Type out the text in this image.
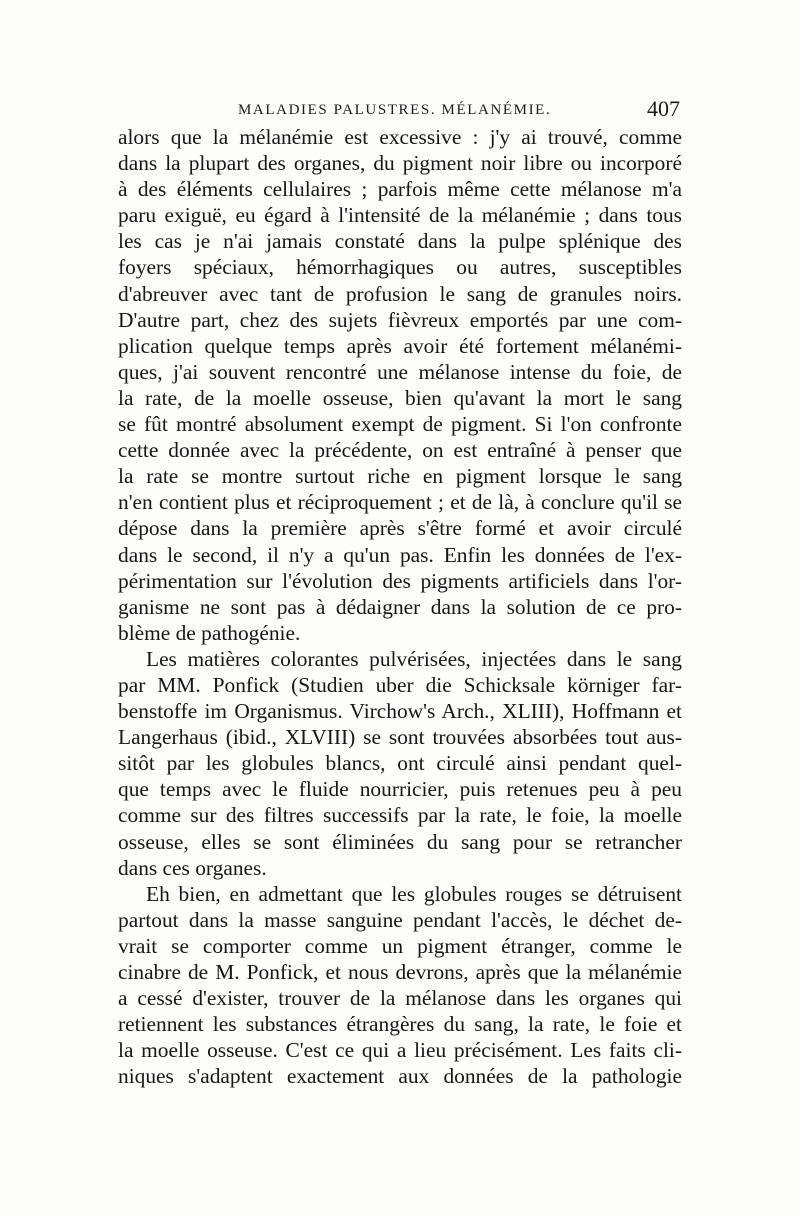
MALADIES PALUSTRES. MÉLANÉMIE.	407
alors que la mélanémie est excessive : j'y ai trouvé, comme
dans la plupart des organes, du pigment noir libre ou incorporé
à des éléments cellulaires ; parfois même cette mélanose m'a
paru exiguë, eu égard à l'intensité de la mélanémie ; dans tous
les cas je n'ai jamais constaté dans la pulpe splénique des
foyers spéciaux, hémorrhagiques ou autres, susceptibles
d'abreuver avec tant de profusion le sang de granules noirs.
D'autre part, chez des sujets fièvreux emportés par une com-
plication quelque temps après avoir été fortement mélanémi-
ques, j'ai souvent rencontré une mélanose intense du foie, de
la rate, de la moelle osseuse, bien qu'avant la mort le sang
se fût montré absolument exempt de pigment. Si l'on confronte
cette donnée avec la précédente, on est entraîné à penser que
la rate se montre surtout riche en pigment lorsque le sang
n'en contient plus et réciproquement ; et de là, à conclure qu'il se
dépose dans la première après s'être formé et avoir circulé
dans le second, il n'y a qu'un pas. Enfin les données de l'ex-
périmentation sur l'évolution des pigments artificiels dans l'or-
ganisme ne sont pas à dédaigner dans la solution de ce pro-
blème de pathogénie.
Les matières colorantes pulvérisées, injectées dans le sang
par MM. Ponfick (Studien uber die Schicksale körniger far-
benstoffe im Organismus. Virchow's Arch., XLIII), Hoffmann et
Langerhaus (ibid., XLVIII) se sont trouvées absorbées tout aus-
sitôt par les globules blancs, ont circulé ainsi pendant quel-
que temps avec le fluide nourricier, puis retenues peu à peu
comme sur des filtres successifs par la rate, le foie, la moelle
osseuse, elles se sont éliminées du sang pour se retrancher
dans ces organes.
Eh bien, en admettant que les globules rouges se détruisent
partout dans la masse sanguine pendant l'accès, le déchet de-
vrait se comporter comme un pigment étranger, comme le
cinabre de M. Ponfick, et nous devrons, après que la mélanémie
a cessé d'exister, trouver de la mélanose dans les organes qui
retiennent les substances étrangères du sang, la rate, le foie et
la moelle osseuse. C'est ce qui a lieu précisément. Les faits cli-
niques s'adaptent exactement aux données de la pathologie
